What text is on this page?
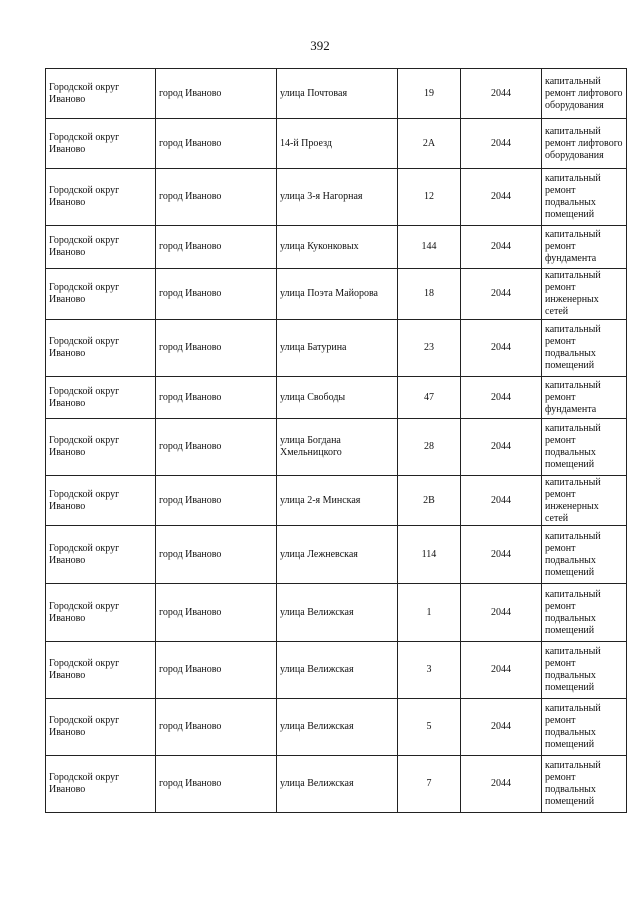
392
Городской округ Иваново	город Иваново	улица Почтовая	19	2044	капитальный ремонт лифтового оборудования
Городской округ Иваново	город Иваново	14-й Проезд	2А	2044	капитальный ремонт лифтового оборудования
Городской округ Иваново	город Иваново	улица 3-я Нагорная	12	2044	капитальный ремонт подвальных помещений
Городской округ Иваново	город Иваново	улица Куконковых	144	2044	капитальный ремонт фундамента
Городской округ Иваново	город Иваново	улица Поэта Майорова	18	2044	капитальный ремонт инженерных сетей
Городской округ Иваново	город Иваново	улица Батурина	23	2044	капитальный ремонт подвальных помещений
Городской округ Иваново	город Иваново	улица Свободы	47	2044	капитальный ремонт фундамента
Городской округ Иваново	город Иваново	улица Богдана Хмельницкого	28	2044	капитальный ремонт подвальных помещений
Городской округ Иваново	город Иваново	улица 2-я Минская	2В	2044	капитальный ремонт инженерных сетей
Городской округ Иваново	город Иваново	улица Лежневская	114	2044	капитальный ремонт подвальных помещений
Городской округ Иваново	город Иваново	улица Велижская	1	2044	капитальный ремонт подвальных помещений
Городской округ Иваново	город Иваново	улица Велижская	3	2044	капитальный ремонт подвальных помещений
Городской округ Иваново	город Иваново	улица Велижская	5	2044	капитальный ремонт подвальных помещений
Городской округ Иваново	город Иваново	улица Велижская	7	2044	капитальный ремонт подвальных помещений
